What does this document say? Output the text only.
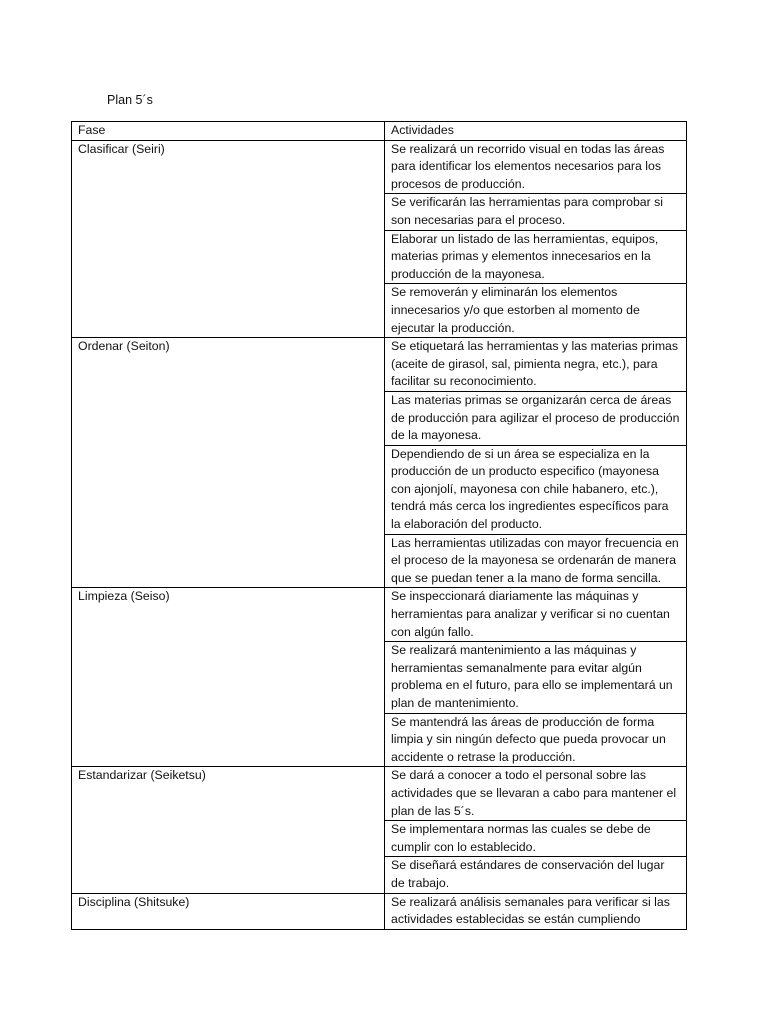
Plan 5´s
Fase	Actividades
Clasificar (Seiri)	Se realizará un recorrido visual en todas las áreas para identificar los elementos necesarios para los procesos de producción.
	Se verificarán las herramientas para comprobar si son necesarias para el proceso.
	Elaborar un listado de las herramientas, equipos, materias primas y elementos innecesarios en la producción de la mayonesa.
	Se removerán y eliminarán los elementos innecesarios y/o que estorben al momento de ejecutar la producción.
Ordenar (Seiton)	Se etiquetará las herramientas y las materias primas (aceite de girasol, sal, pimienta negra, etc.), para facilitar su reconocimiento.
	Las materias primas se organizarán cerca de áreas de producción para agilizar el proceso de producción de la mayonesa.
	Dependiendo de si un área se especializa en la producción de un producto especifico (mayonesa con ajonjolí, mayonesa con chile habanero, etc.), tendrá más cerca los ingredientes específicos para la elaboración del producto.
	Las herramientas utilizadas con mayor frecuencia en el proceso de la mayonesa se ordenarán de manera que se puedan tener a la mano de forma sencilla.
Limpieza (Seiso)	Se inspeccionará diariamente las máquinas y herramientas para analizar y verificar si no cuentan con algún fallo.
	Se realizará mantenimiento a las máquinas y herramientas semanalmente para evitar algún problema en el futuro, para ello se implementará un plan de mantenimiento.
	Se mantendrá las áreas de producción de forma limpia y sin ningún defecto que pueda provocar un accidente o retrase la producción.
Estandarizar (Seiketsu)	Se dará a conocer a todo el personal sobre las actividades que se llevaran a cabo para mantener el plan de las 5´s.
	Se implementara normas las cuales se debe de cumplir con lo establecido.
	Se diseñará estándares de conservación del lugar de trabajo.
Disciplina (Shitsuke)	Se realizará análisis semanales para verificar si las actividades establecidas se están cumpliendo
